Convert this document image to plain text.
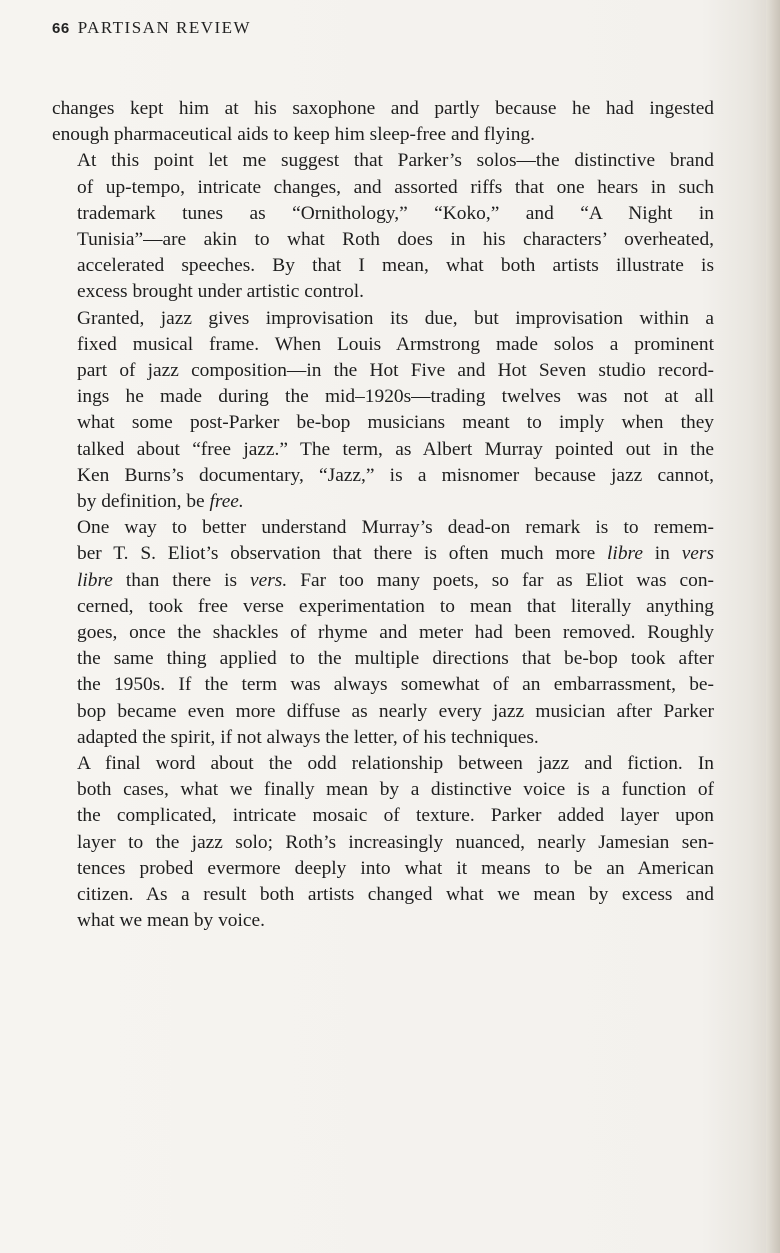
66 PARTISAN REVIEW

changes kept him at his saxophone and partly because he had ingested
enough pharmaceutical aids to keep him sleep-free and flying.

At this point let me suggest that Parker’s solos—the distinctive brand
of up-tempo, intricate changes, and assorted riffs that one hears in such
trademark tunes as “Ornithology,” “Koko,” and “A Night in
Tunisia”—are akin to what Roth does in his characters’ overheated,
accelerated speeches. By that I mean, what both artists illustrate is
excess brought under artistic control.

Granted, jazz gives improvisation its due, but improvisation within a
fixed musical frame. When Louis Armstrong made solos a prominent
part of jazz composition—in the Hot Five and Hot Seven studio record-
ings he made during the mid–1920s—trading twelves was not at all
what some post-Parker be-bop musicians meant to imply when they
talked about “free jazz.” The term, as Albert Murray pointed out in the
Ken Burns’s documentary, “Jazz,” is a misnomer because jazz cannot,
by definition, be free.

One way to better understand Murray’s dead-on remark is to remem-
ber T. S. Eliot’s observation that there is often much more libre in vers
libre than there is vers. Far too many poets, so far as Eliot was con-
cerned, took free verse experimentation to mean that literally anything
goes, once the shackles of rhyme and meter had been removed. Roughly
the same thing applied to the multiple directions that be-bop took after
the 1950s. If the term was always somewhat of an embarrassment, be-
bop became even more diffuse as nearly every jazz musician after Parker
adapted the spirit, if not always the letter, of his techniques.

A final word about the odd relationship between jazz and fiction. In
both cases, what we finally mean by a distinctive voice is a function of
the complicated, intricate mosaic of texture. Parker added layer upon
layer to the jazz solo; Roth’s increasingly nuanced, nearly Jamesian sen-
tences probed evermore deeply into what it means to be an American
citizen. As a result both artists changed what we mean by excess and
what we mean by voice.
